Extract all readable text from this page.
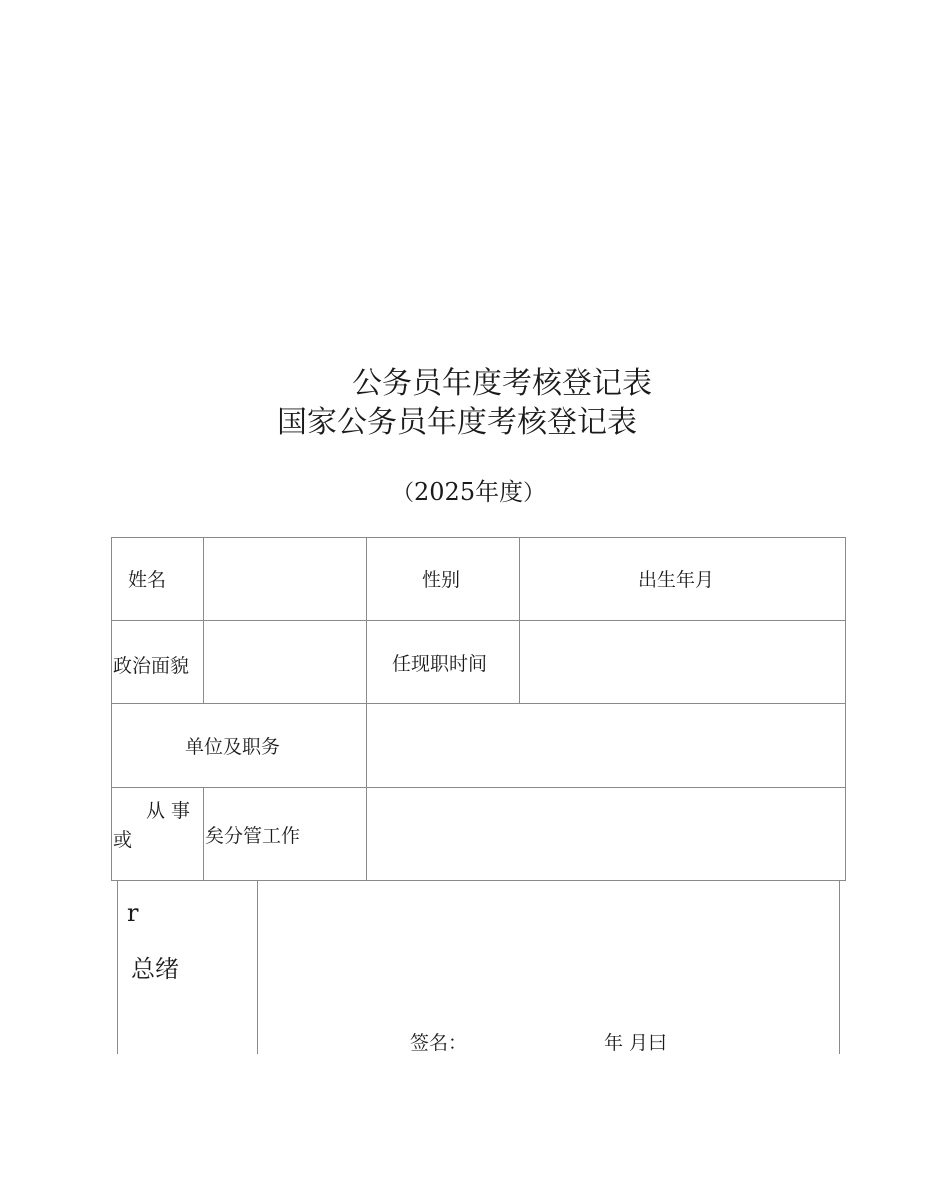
公务员年度考核登记表
国家公务员年度考核登记表
（2025年度）
姓名	性别	出生年月
政治面貌	任现职时间
单位及职务
从 事
或	矣分管工作
r
总绪
签名：	年 月曰
